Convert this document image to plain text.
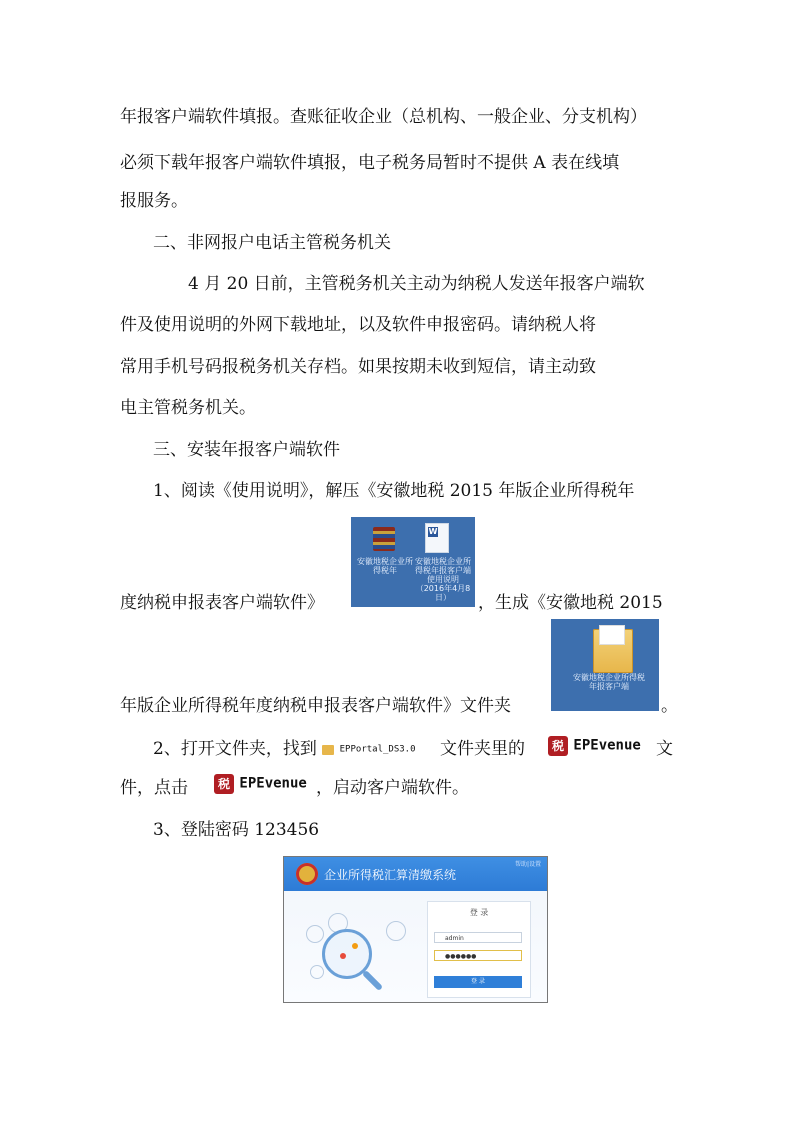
年报客户端软件填报。查账征收企业（总机构、一般企业、分支机构）
必须下载年报客户端软件填报，电子税务局暂时不提供 A 表在线填
报服务。
二、非网报户电话主管税务机关
4 月 20 日前，主管税务机关主动为纳税人发送年报客户端软
件及使用说明的外网下载地址，以及软件申报密码。请纳税人将
常用手机号码报税务机关存档。如果按期未收到短信，请主动致
电主管税务机关。
三、安装年报客户端软件
1、阅读《使用说明》，解压《安徽地税 2015 年版企业所得税年
W
安徽地税企业所得税年
安徽地税企业所得税年报客户端使用说明（2016年4月8日）
度纳税申报表客户端软件》	，生成《安徽地税 2015
安徽地税企业所得税年报客户端
年版企业所得税年度纳税申报表客户端软件》文件夹	。
2、打开文件夹，找到	EPPortal_DS3.0 文件夹里的	税 EPEvenue 文
件，点击	税 EPEvenue ，启动客户端软件。
3、登陆密码 123456
企业所得税汇算清缴系统
帮助|设置
登 录
admin
●●●●●●
登 录
